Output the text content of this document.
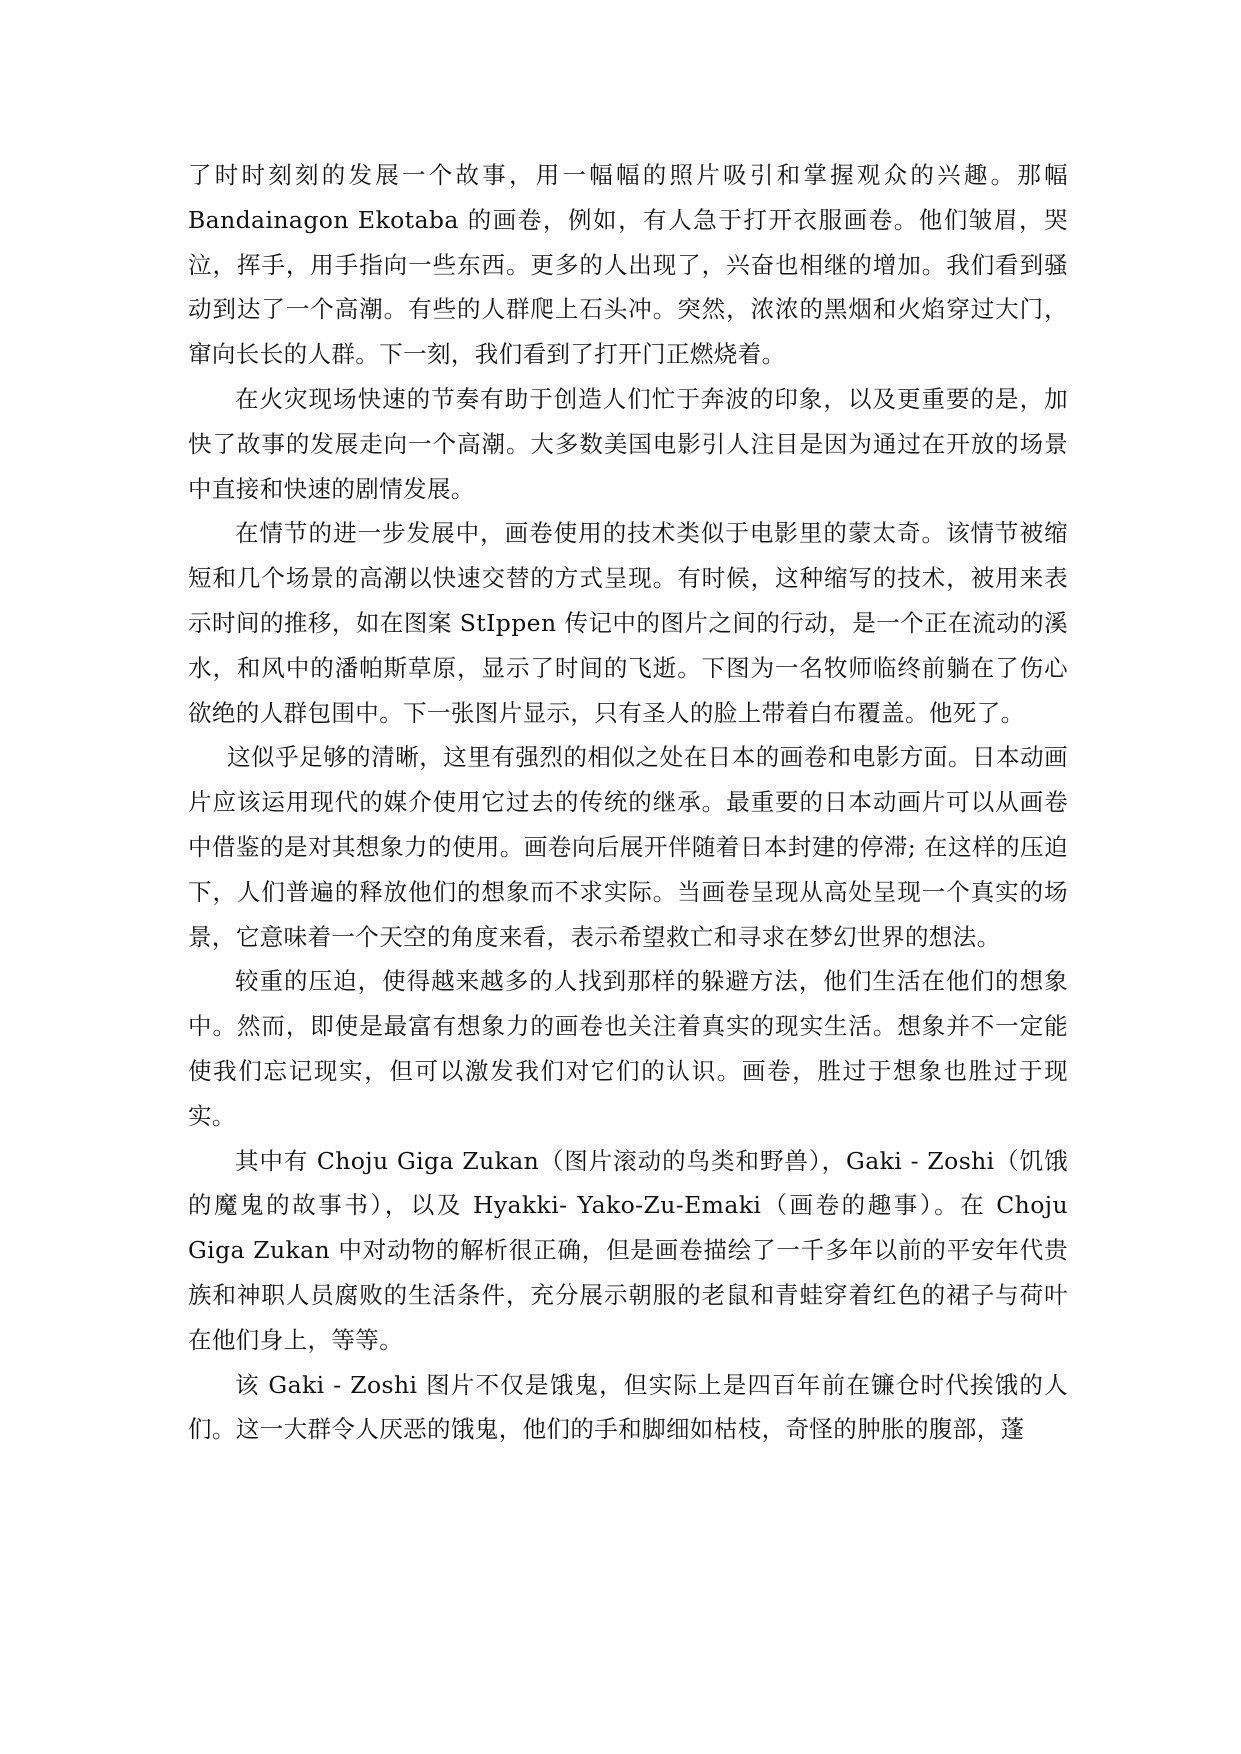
了时时刻刻的发展一个故事，用一幅幅的照片吸引和掌握观众的兴趣。那幅 Bandainagon Ekotaba 的画卷，例如，有人急于打开衣服画卷。他们皱眉，哭泣，挥手，用手指向一些东西。更多的人出现了，兴奋也相继的增加。我们看到骚动到达了一个高潮。有些的人群爬上石头冲。突然，浓浓的黑烟和火焰穿过大门，窜向长长的人群。下一刻，我们看到了打开门正燃烧着。

在火灾现场快速的节奏有助于创造人们忙于奔波的印象，以及更重要的是，加快了故事的发展走向一个高潮。大多数美国电影引人注目是因为通过在开放的场景中直接和快速的剧情发展。

在情节的进一步发展中，画卷使用的技术类似于电影里的蒙太奇。该情节被缩短和几个场景的高潮以快速交替的方式呈现。有时候，这种缩写的技术，被用来表示时间的推移，如在图案 StIppen 传记中的图片之间的行动，是一个正在流动的溪水，和风中的潘帕斯草原，显示了时间的飞逝。下图为一名牧师临终前躺在了伤心欲绝的人群包围中。下一张图片显示，只有圣人的脸上带着白布覆盖。他死了。

这似乎足够的清晰，这里有强烈的相似之处在日本的画卷和电影方面。日本动画片应该运用现代的媒介使用它过去的传统的继承。最重要的日本动画片可以从画卷中借鉴的是对其想象力的使用。画卷向后展开伴随着日本封建的停滞; 在这样的压迫下，人们普遍的释放他们的想象而不求实际。当画卷呈现从高处呈现一个真实的场景，它意味着一个天空的角度来看，表示希望救亡和寻求在梦幻世界的想法。

较重的压迫，使得越来越多的人找到那样的躲避方法，他们生活在他们的想象中。然而，即使是最富有想象力的画卷也关注着真实的现实生活。想象并不一定能使我们忘记现实，但可以激发我们对它们的认识。画卷，胜过于想象也胜过于现实。

其中有 Choju Giga Zukan（图片滚动的鸟类和野兽），Gaki - Zoshi（饥饿的魔鬼的故事书），以及 Hyakki- Yako-Zu-Emaki（画卷的趣事）。在 Choju Giga Zukan 中对动物的解析很正确，但是画卷描绘了一千多年以前的平安年代贵族和神职人员腐败的生活条件，充分展示朝服的老鼠和青蛙穿着红色的裙子与荷叶在他们身上，等等。

该 Gaki - Zoshi 图片不仅是饿鬼，但实际上是四百年前在镰仓时代挨饿的人们。这一大群令人厌恶的饿鬼，他们的手和脚细如枯枝，奇怪的肿胀的腹部，蓬
